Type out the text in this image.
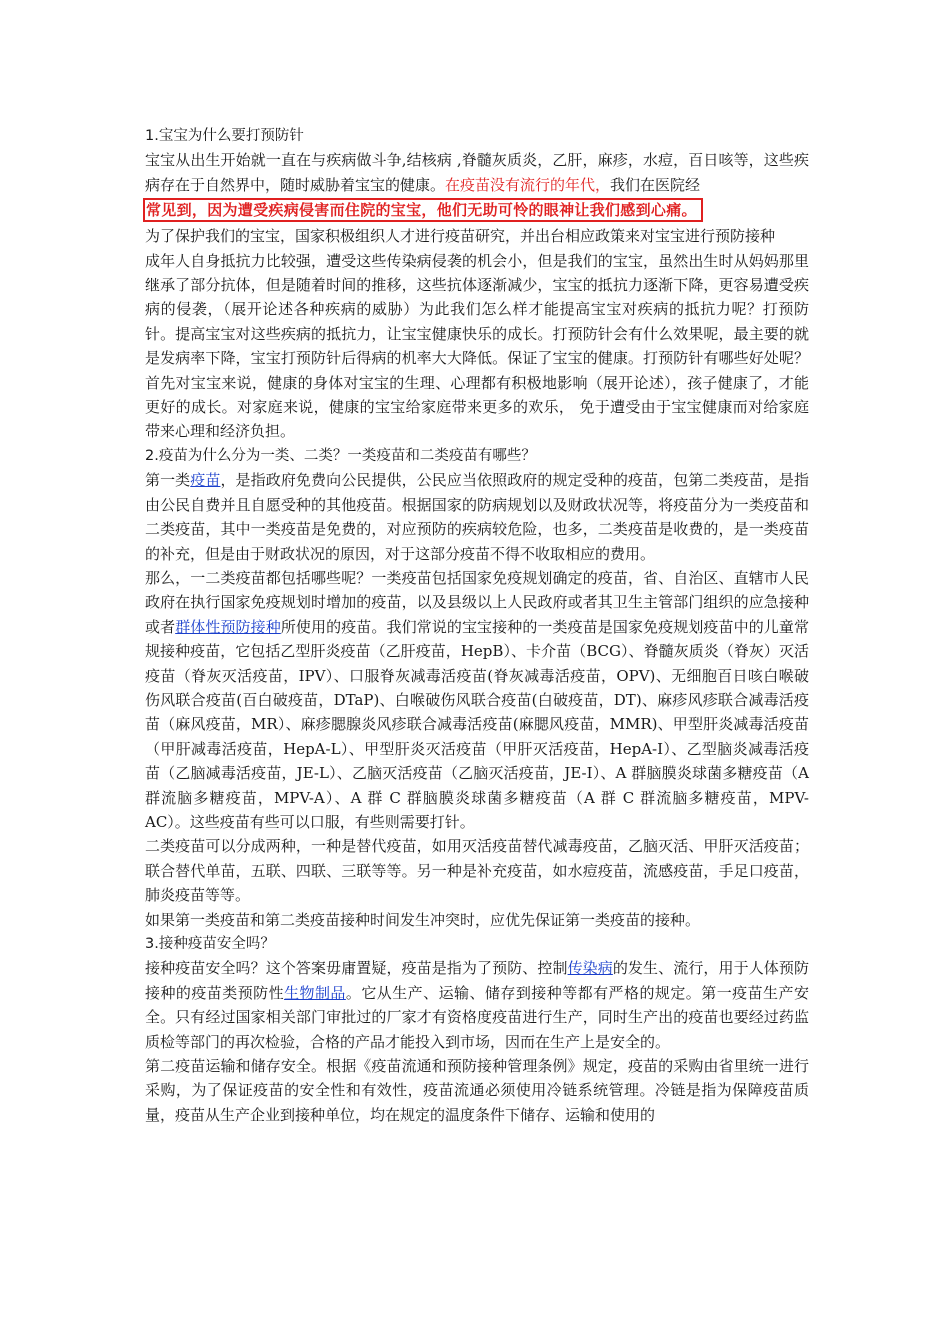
1.宝宝为什么要打预防针

宝宝从出生开始就一直在与疾病做斗争,结核病 ,脊髓灰质炎，乙肝，麻疹，水痘，百日咳等，这些疾病存在于自然界中，随时威胁着宝宝的健康。在疫苗没有流行的年代，我们在医院经
常见到，因为遭受疾病侵害而住院的宝宝，他们无助可怜的眼神让我们感到心痛。

为了保护我们的宝宝，国家积极组织人才进行疫苗研究，并出台相应政策来对宝宝进行预防接种

成年人自身抵抗力比较强，遭受这些传染病侵袭的机会小，但是我们的宝宝，虽然出生时从妈妈那里继承了部分抗体，但是随着时间的推移，这些抗体逐渐减少，宝宝的抵抗力逐渐下降，更容易遭受疾病的侵袭，（展开论述各种疾病的威胁）为此我们怎么样才能提高宝宝对疾病的抵抗力呢？打预防针。提高宝宝对这些疾病的抵抗力，让宝宝健康快乐的成长。打预防针会有什么效果呢，最主要的就是发病率下降，宝宝打预防针后得病的机率大大降低。保证了宝宝的健康。打预防针有哪些好处呢？首先对宝宝来说，健康的身体对宝宝的生理、心理都有积极地影响（展开论述），孩子健康了，才能更好的成长。对家庭来说，健康的宝宝给家庭带来更多的欢乐， 免于遭受由于宝宝健康而对给家庭带来心理和经济负担。

2.疫苗为什么分为一类、二类？一类疫苗和二类疫苗有哪些？

第一类疫苗，是指政府免费向公民提供，公民应当依照政府的规定受种的疫苗，包第二类疫苗，是指由公民自费并且自愿受种的其他疫苗。根据国家的防病规划以及财政状况等，将疫苗分为一类疫苗和二类疫苗，其中一类疫苗是免费的，对应预防的疾病较危险，也多，二类疫苗是收费的，是一类疫苗的补充，但是由于财政状况的原因，对于这部分疫苗不得不收取相应的费用。

那么，一二类疫苗都包括哪些呢？一类疫苗包括国家免疫规划确定的疫苗，省、自治区、直辖市人民政府在执行国家免疫规划时增加的疫苗，以及县级以上人民政府或者其卫生主管部门组织的应急接种或者群体性预防接种所使用的疫苗。我们常说的宝宝接种的一类疫苗是国家免疫规划疫苗中的儿童常规接种疫苗，它包括乙型肝炎疫苗（乙肝疫苗，HepB）、卡介苗（BCG）、脊髓灰质炎（脊灰）灭活疫苗（脊灰灭活疫苗，IPV）、口服脊灰减毒活疫苗(脊灰减毒活疫苗，OPV)、无细胞百日咳白喉破伤风联合疫苗(百白破疫苗，DTaP)、白喉破伤风联合疫苗(白破疫苗，DT)、麻疹风疹联合减毒活疫苗（麻风疫苗，MR）、麻疹腮腺炎风疹联合减毒活疫苗(麻腮风疫苗，MMR)、甲型肝炎减毒活疫苗（甲肝减毒活疫苗，HepA-L）、甲型肝炎灭活疫苗（甲肝灭活疫苗，HepA-I）、乙型脑炎减毒活疫苗（乙脑减毒活疫苗，JE-L）、乙脑灭活疫苗（乙脑灭活疫苗，JE-I）、A 群脑膜炎球菌多糖疫苗（A 群流脑多糖疫苗，MPV-A）、A 群 C 群脑膜炎球菌多糖疫苗（A 群 C 群流脑多糖疫苗，MPV-AC）。这些疫苗有些可以口服，有些则需要打针。

二类疫苗可以分成两种，一种是替代疫苗，如用灭活疫苗替代减毒疫苗，乙脑灭活、甲肝灭活疫苗；联合替代单苗，五联、四联、三联等等。另一种是补充疫苗，如水痘疫苗，流感疫苗，手足口疫苗，肺炎疫苗等等。

如果第一类疫苗和第二类疫苗接种时间发生冲突时，应优先保证第一类疫苗的接种。

3.接种疫苗安全吗？

接种疫苗安全吗？这个答案毋庸置疑，疫苗是指为了预防、控制传染病的发生、流行，用于人体预防接种的疫苗类预防性生物制品。它从生产、运输、储存到接种等都有严格的规定。第一疫苗生产安全。只有经过国家相关部门审批过的厂家才有资格度疫苗进行生产，同时生产出的疫苗也要经过药监质检等部门的再次检验，合格的产品才能投入到市场，因而在生产上是安全的。

第二疫苗运输和储存安全。根据《疫苗流通和预防接种管理条例》规定，疫苗的采购由省里统一进行采购，为了保证疫苗的安全性和有效性，疫苗流通必须使用冷链系统管理。冷链是指为保障疫苗质量，疫苗从生产企业到接种单位，均在规定的温度条件下储存、运输和使用的
